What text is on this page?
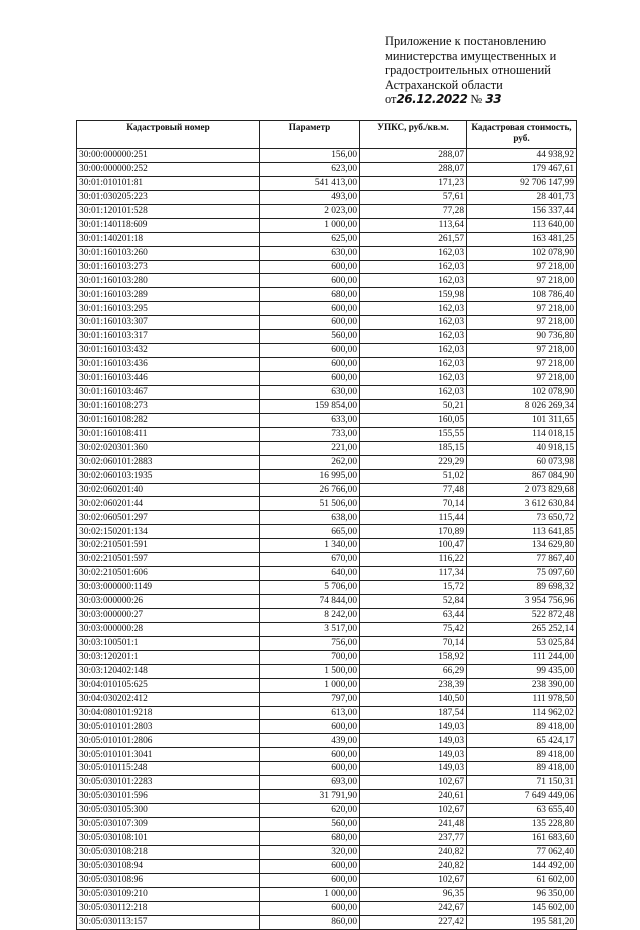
Приложение к постановлению
министерства имущественных и
градостроительных отношений
Астраханской области
от26.12.2022 № 33
Кадастровый номер	Параметр	УПКС, руб./кв.м.	Кадастровая стоимость, руб.
30:00:000000:251	156,00	288,07	44 938,92
30:00:000000:252	623,00	288,07	179 467,61
30:01:010101:81	541 413,00	171,23	92 706 147,99
30:01:030205:223	493,00	57,61	28 401,73
30:01:120101:528	2 023,00	77,28	156 337,44
30:01:140118:609	1 000,00	113,64	113 640,00
30:01:140201:18	625,00	261,57	163 481,25
30:01:160103:260	630,00	162,03	102 078,90
30:01:160103:273	600,00	162,03	97 218,00
30:01:160103:280	600,00	162,03	97 218,00
30:01:160103:289	680,00	159,98	108 786,40
30:01:160103:295	600,00	162,03	97 218,00
30:01:160103:307	600,00	162,03	97 218,00
30:01:160103:317	560,00	162,03	90 736,80
30:01:160103:432	600,00	162,03	97 218,00
30:01:160103:436	600,00	162,03	97 218,00
30:01:160103:446	600,00	162,03	97 218,00
30:01:160103:467	630,00	162,03	102 078,90
30:01:160108:273	159 854,00	50,21	8 026 269,34
30:01:160108:282	633,00	160,05	101 311,65
30:01:160108:411	733,00	155,55	114 018,15
30:02:020301:360	221,00	185,15	40 918,15
30:02:060101:2883	262,00	229,29	60 073,98
30:02:060103:1935	16 995,00	51,02	867 084,90
30:02:060201:40	26 766,00	77,48	2 073 829,68
30:02:060201:44	51 506,00	70,14	3 612 630,84
30:02:060501:297	638,00	115,44	73 650,72
30:02:150201:134	665,00	170,89	113 641,85
30:02:210501:591	1 340,00	100,47	134 629,80
30:02:210501:597	670,00	116,22	77 867,40
30:02:210501:606	640,00	117,34	75 097,60
30:03:000000:1149	5 706,00	15,72	89 698,32
30:03:000000:26	74 844,00	52,84	3 954 756,96
30:03:000000:27	8 242,00	63,44	522 872,48
30:03:000000:28	3 517,00	75,42	265 252,14
30:03:100501:1	756,00	70,14	53 025,84
30:03:120201:1	700,00	158,92	111 244,00
30:03:120402:148	1 500,00	66,29	99 435,00
30:04:010105:625	1 000,00	238,39	238 390,00
30:04:030202:412	797,00	140,50	111 978,50
30:04:080101:9218	613,00	187,54	114 962,02
30:05:010101:2803	600,00	149,03	89 418,00
30:05:010101:2806	439,00	149,03	65 424,17
30:05:010101:3041	600,00	149,03	89 418,00
30:05:010115:248	600,00	149,03	89 418,00
30:05:030101:2283	693,00	102,67	71 150,31
30:05:030101:596	31 791,90	240,61	7 649 449,06
30:05:030105:300	620,00	102,67	63 655,40
30:05:030107:309	560,00	241,48	135 228,80
30:05:030108:101	680,00	237,77	161 683,60
30:05:030108:218	320,00	240,82	77 062,40
30:05:030108:94	600,00	240,82	144 492,00
30:05:030108:96	600,00	102,67	61 602,00
30:05:030109:210	1 000,00	96,35	96 350,00
30:05:030112:218	600,00	242,67	145 602,00
30:05:030113:157	860,00	227,42	195 581,20
